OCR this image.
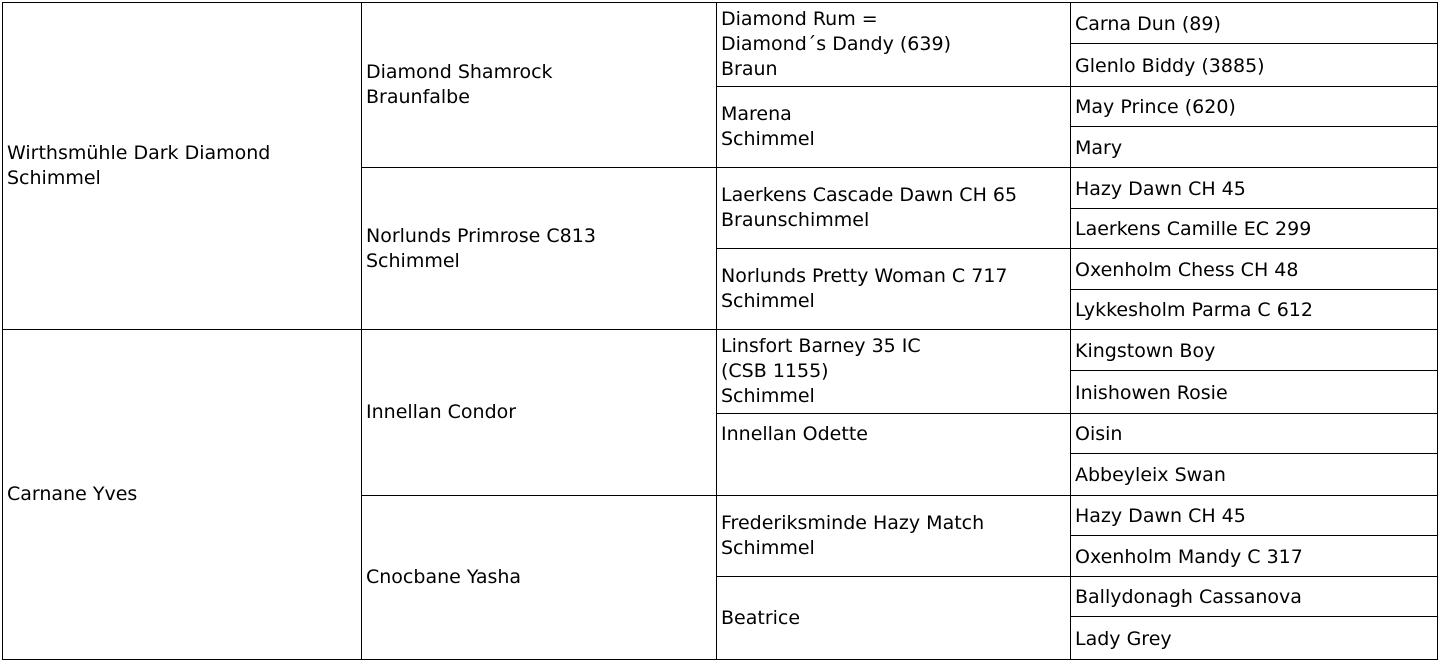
Wirthsmühle Dark Diamond
Schimmel
Carnane Yves
Diamond Shamrock
Braunfalbe
Norlunds Primrose C813
Schimmel
Innellan Condor
Cnocbane Yasha
Diamond Rum =
Diamond´s Dandy (639)
Braun
Marena
Schimmel
Laerkens Cascade Dawn CH 65
Braunschimmel
Norlunds Pretty Woman C 717
Schimmel
Linsfort Barney 35 IC
(CSB 1155)
Schimmel
Innellan Odette
Frederiksminde Hazy Match
Schimmel
Beatrice
Carna Dun (89)
Glenlo Biddy (3885)
May Prince (620)
Mary
Hazy Dawn CH 45
Laerkens Camille EC 299
Oxenholm Chess CH 48
Lykkesholm Parma C 612
Kingstown Boy
Inishowen Rosie
Oisin
Abbeyleix Swan
Hazy Dawn CH 45
Oxenholm Mandy C 317
Ballydonagh Cassanova
Lady Grey
